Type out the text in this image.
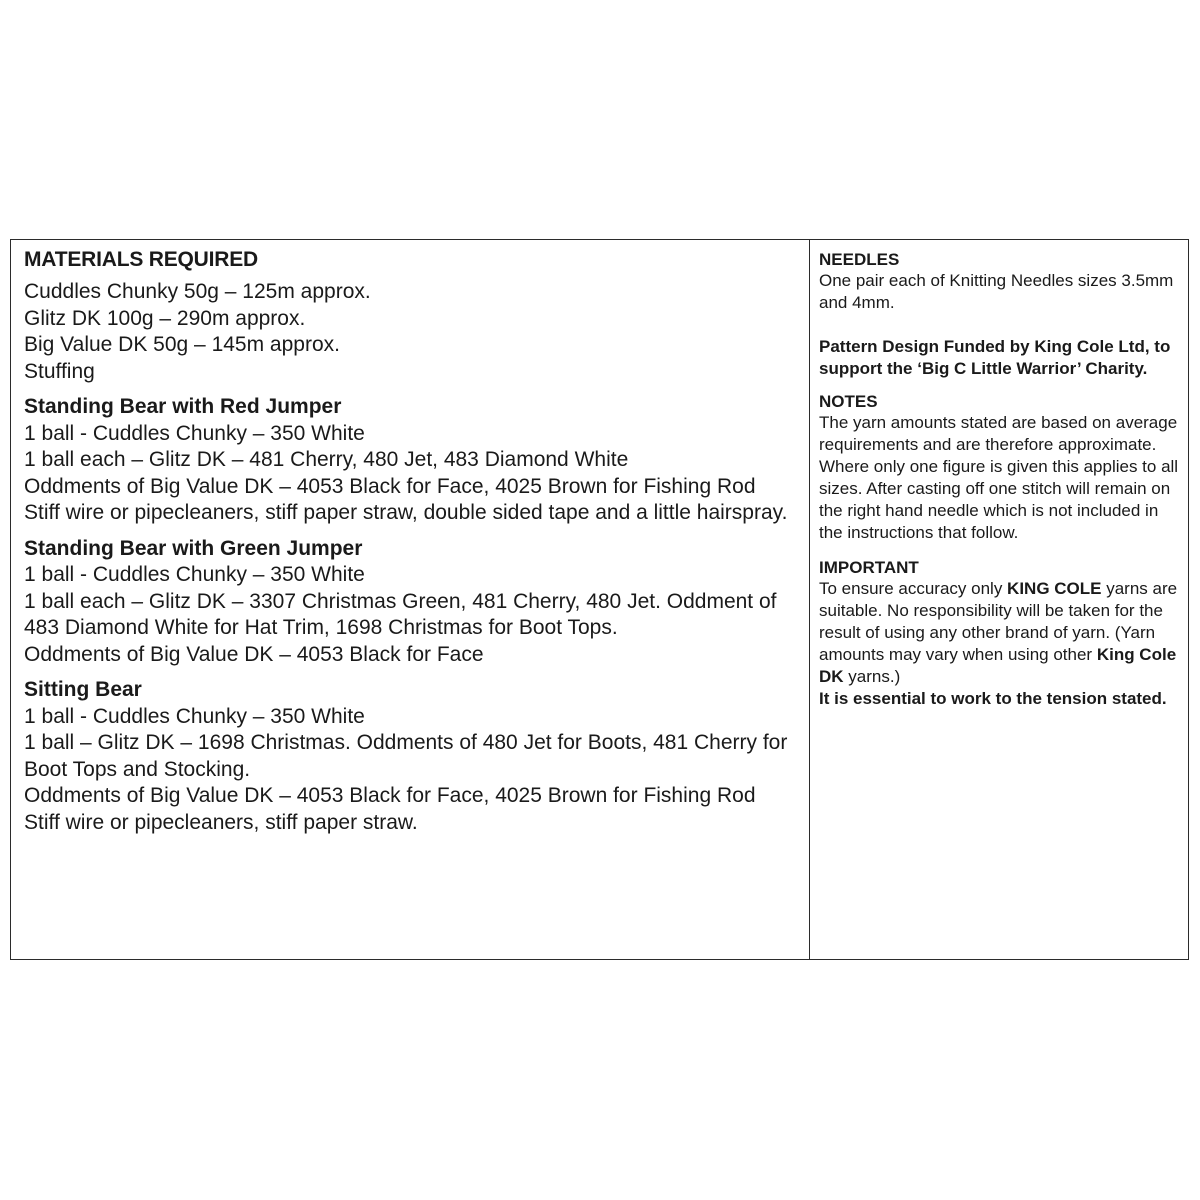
MATERIALS REQUIRED
Cuddles Chunky 50g – 125m approx.
Glitz DK 100g – 290m approx.
Big Value DK 50g – 145m approx.
Stuffing
Standing Bear with Red Jumper
1 ball - Cuddles Chunky – 350 White
1 ball each – Glitz DK – 481 Cherry, 480 Jet, 483 Diamond White
Oddments of Big Value DK – 4053 Black for Face, 4025 Brown for Fishing Rod
Stiff wire or pipecleaners, stiff paper straw, double sided tape and a little hairspray.
Standing Bear with Green Jumper
1 ball - Cuddles Chunky – 350 White
1 ball each – Glitz DK – 3307 Christmas Green, 481 Cherry, 480 Jet. Oddment of 483 Diamond White for Hat Trim, 1698 Christmas for Boot Tops.
Oddments of Big Value DK – 4053 Black for Face
Sitting Bear
1 ball - Cuddles Chunky – 350 White
1 ball – Glitz DK – 1698 Christmas. Oddments of 480 Jet for Boots, 481 Cherry for Boot Tops and Stocking.
Oddments of Big Value DK – 4053 Black for Face, 4025 Brown for Fishing Rod
Stiff wire or pipecleaners, stiff paper straw.
NEEDLES
One pair each of Knitting Needles sizes 3.5mm and 4mm.
Pattern Design Funded by King Cole Ltd, to support the ‘Big C Little Warrior’ Charity.
NOTES
The yarn amounts stated are based on average requirements and are therefore approximate. Where only one figure is given this applies to all sizes. After casting off one stitch will remain on the right hand needle which is not included in the instructions that follow.
IMPORTANT
To ensure accuracy only KING COLE yarns are suitable. No responsibility will be taken for the result of using any other brand of yarn. (Yarn amounts may vary when using other King Cole DK yarns.)
It is essential to work to the tension stated.
